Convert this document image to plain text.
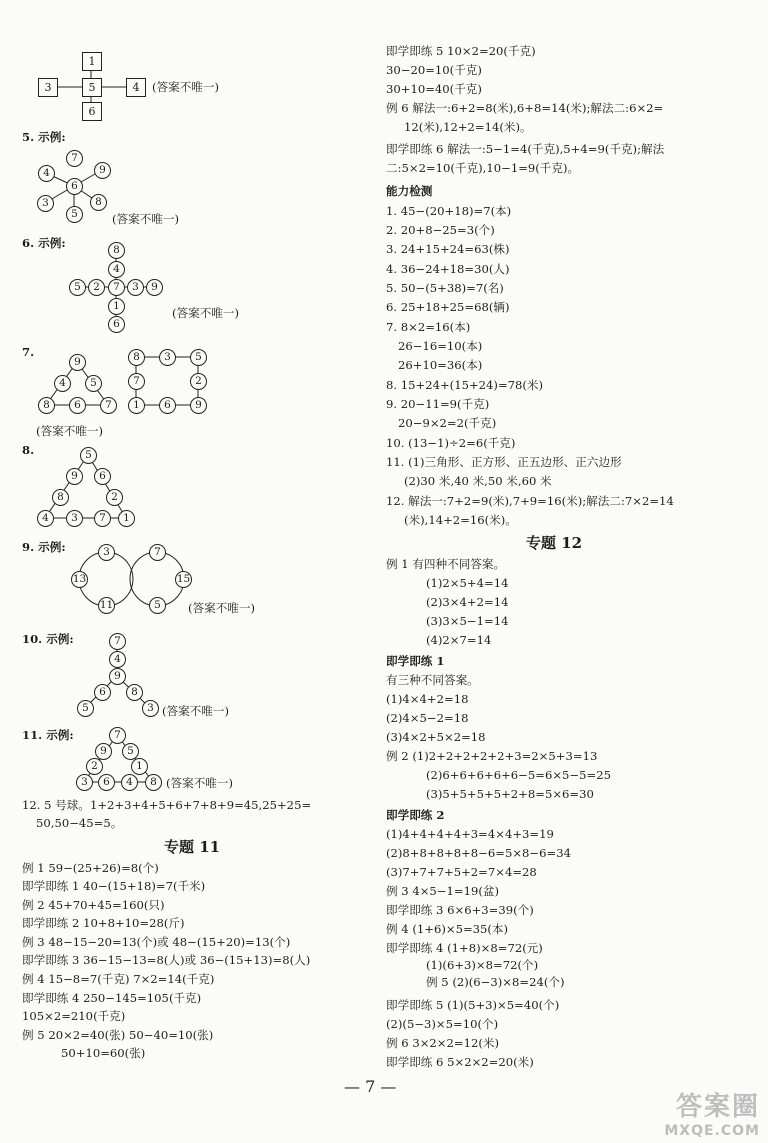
1
3	5	4
6
(答案不唯一)
5. 示例:
7
4	9
6
3	8
5	(答案不唯一)
6. 示例:	8
4
5	2	7	3	9
1
6
(答案不唯一)
7.
9
4	5
8	6	7
8	3	5
7	2
1	6	9
(答案不唯一)
8.	5
9	6
8	2
4	3	7	1
9. 示例:	3	7
13	15
11	5	(答案不唯一)
10. 示例:	7
4
9
6	8
5	3 (答案不唯一)
11. 示例:	7
9	5
2	1
3	6	4	8 (答案不唯一)
12. 5 号球。1+2+3+4+5+6+7+8+9=45,25+25=
50,50−45=5。
专题 11
例 1 59−(25+26)=8(个)
即学即练 1 40−(15+18)=7(千米)
例 2 45+70+45=160(只)
即学即练 2 10+8+10=28(斤)
例 3 48−15−20=13(个)或 48−(15+20)=13(个)
即学即练 3 36−15−13=8(人)或 36−(15+13)=8(人)
例 4 15−8=7(千克) 7×2=14(千克)
即学即练 4 250−145=105(千克)
105×2=210(千克)
例 5 20×2=40(张) 50−40=10(张)
50+10=60(张)
即学即练 5 10×2=20(千克)
30−20=10(千克)
30+10=40(千克)
例 6 解法一:6+2=8(米),6+8=14(米);解法二:6×2=
12(米),12+2=14(米)。
即学即练 6 解法一:5−1=4(千克),5+4=9(千克);解法
二:5×2=10(千克),10−1=9(千克)。
能力检测
1. 45−(20+18)=7(本)
2. 20+8−25=3(个)
3. 24+15+24=63(株)
4. 36−24+18=30(人)
5. 50−(5+38)=7(名)
6. 25+18+25=68(辆)
7. 8×2=16(本)
26−16=10(本)
26+10=36(本)
8. 15+24+(15+24)=78(米)
9. 20−11=9(千克)
20−9×2=2(千克)
10. (13−1)÷2=6(千克)
11. (1)三角形、正方形、正五边形、正六边形
(2)30 米,40 米,50 米,60 米
12. 解法一:7+2=9(米),7+9=16(米);解法二:7×2=14
(米),14+2=16(米)。
专题 12
例 1 有四种不同答案。
(1)2×5+4=14
(2)3×4+2=14
(3)3×5−1=14
(4)2×7=14
即学即练 1
有三种不同答案。
(1)4×4+2=18
(2)4×5−2=18
(3)4×2+5×2=18
例 2 (1)2+2+2+2+2+3=2×5+3=13
(2)6+6+6+6+6−5=6×5−5=25
(3)5+5+5+5+2+8=5×6=30
即学即练 2
(1)4+4+4+4+3=4×4+3=19
(2)8+8+8+8+8−6=5×8−6=34
(3)7+7+7+5+2=7×4=28
例 3 4×5−1=19(盆)
即学即练 3 6×6+3=39(个)
例 4 (1+6)×5=35(本)
即学即练 4 (1+8)×8=72(元)
例 5 (2)(6−3)×8=24(个)
(1)(6+3)×8=72(个)
即学即练 5 (1)(5+3)×5=40(个)
(2)(5−3)×5=10(个)
例 6 3×2×2=12(米)
即学即练 6 5×2×2=20(米)
— 7 —
答案圈
MXQE.COM
